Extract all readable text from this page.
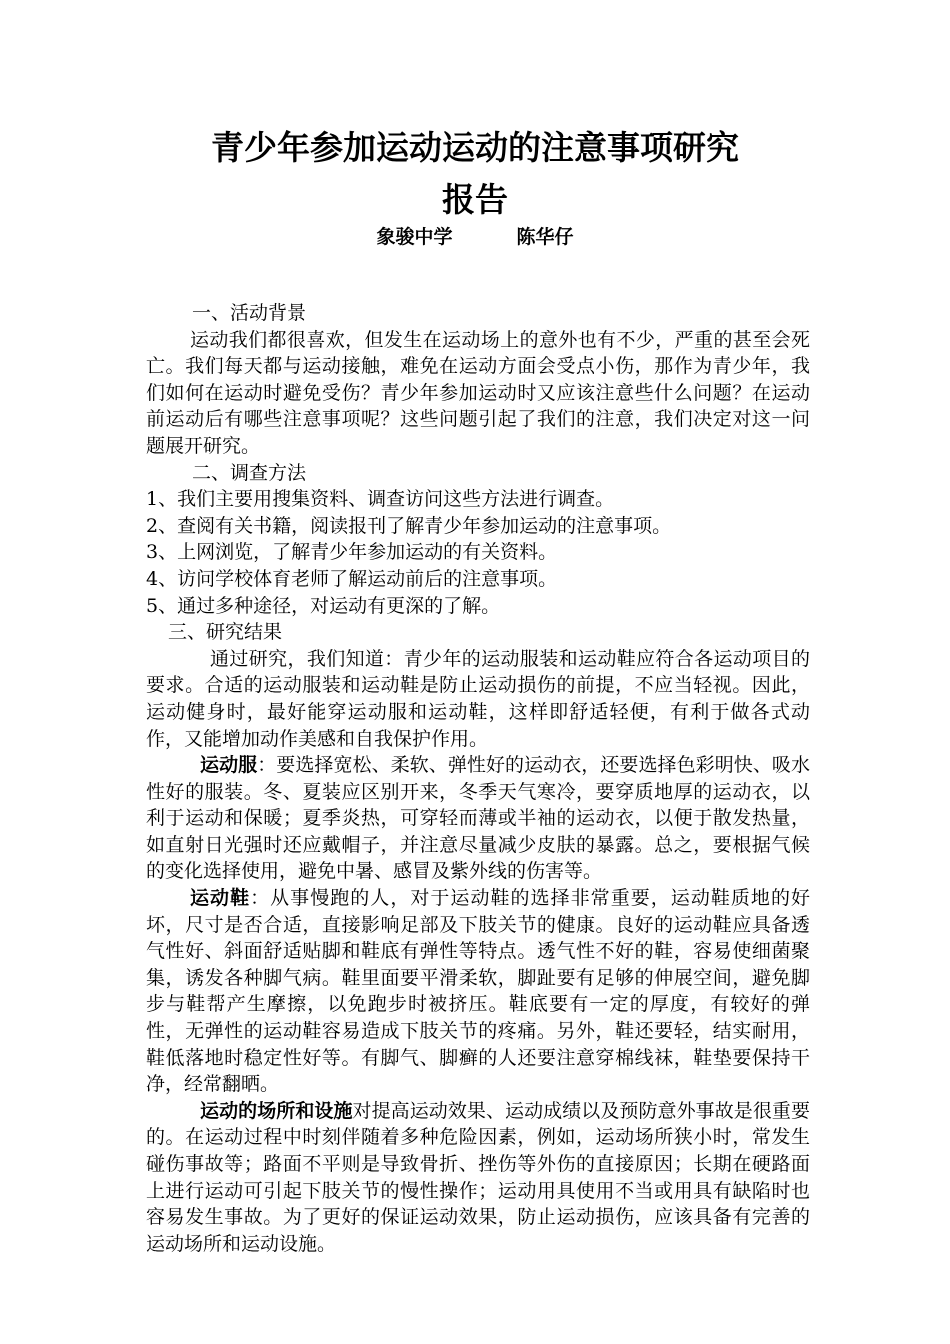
青少年参加运动运动的注意事项研究
报告
象骏中学	陈华仔

一、活动背景

运动我们都很喜欢，但发生在运动场上的意外也有不少，严重的甚至会死亡。我们每天都与运动接触，难免在运动方面会受点小伤，那作为青少年，我们如何在运动时避免受伤？青少年参加运动时又应该注意些什么问题？在运动前运动后有哪些注意事项呢？这些问题引起了我们的注意，我们决定对这一问题展开研究。

二、调查方法

1、我们主要用搜集资料、调查访问这些方法进行调查。

2、查阅有关书籍，阅读报刊了解青少年参加运动的注意事项。

3、上网浏览，了解青少年参加运动的有关资料。

4、访问学校体育老师了解运动前后的注意事项。

5、通过多种途径，对运动有更深的了解。

三、研究结果

通过研究，我们知道：青少年的运动服装和运动鞋应符合各运动项目的要求。合适的运动服装和运动鞋是防止运动损伤的前提，不应当轻视。因此，运动健身时，最好能穿运动服和运动鞋，这样即舒适轻便，有利于做各式动作，又能增加动作美感和自我保护作用。

运动服：要选择宽松、柔软、弹性好的运动衣，还要选择色彩明快、吸水性好的服装。冬、夏装应区别开来，冬季天气寒冷，要穿质地厚的运动衣，以利于运动和保暖；夏季炎热，可穿轻而薄或半袖的运动衣，以便于散发热量，如直射日光强时还应戴帽子，并注意尽量减少皮肤的暴露。总之，要根据气候的变化选择使用，避免中暑、感冒及紫外线的伤害等。

运动鞋：从事慢跑的人，对于运动鞋的选择非常重要，运动鞋质地的好坏，尺寸是否合适，直接影响足部及下肢关节的健康。良好的运动鞋应具备透气性好、斜面舒适贴脚和鞋底有弹性等特点。透气性不好的鞋，容易使细菌聚集，诱发各种脚气病。鞋里面要平滑柔软，脚趾要有足够的伸展空间，避免脚步与鞋帮产生摩擦，以免跑步时被挤压。鞋底要有一定的厚度，有较好的弹性，无弹性的运动鞋容易造成下肢关节的疼痛。另外，鞋还要轻，结实耐用，鞋低落地时稳定性好等。有脚气、脚癣的人还要注意穿棉线袜，鞋垫要保持干净，经常翻晒。

运动的场所和设施对提高运动效果、运动成绩以及预防意外事故是很重要的。在运动过程中时刻伴随着多种危险因素，例如，运动场所狭小时，常发生碰伤事故等；路面不平则是导致骨折、挫伤等外伤的直接原因；长期在硬路面上进行运动可引起下肢关节的慢性操作；运动用具使用不当或用具有缺陷时也容易发生事故。为了更好的保证运动效果，防止运动损伤，应该具备有完善的运动场所和运动设施。
